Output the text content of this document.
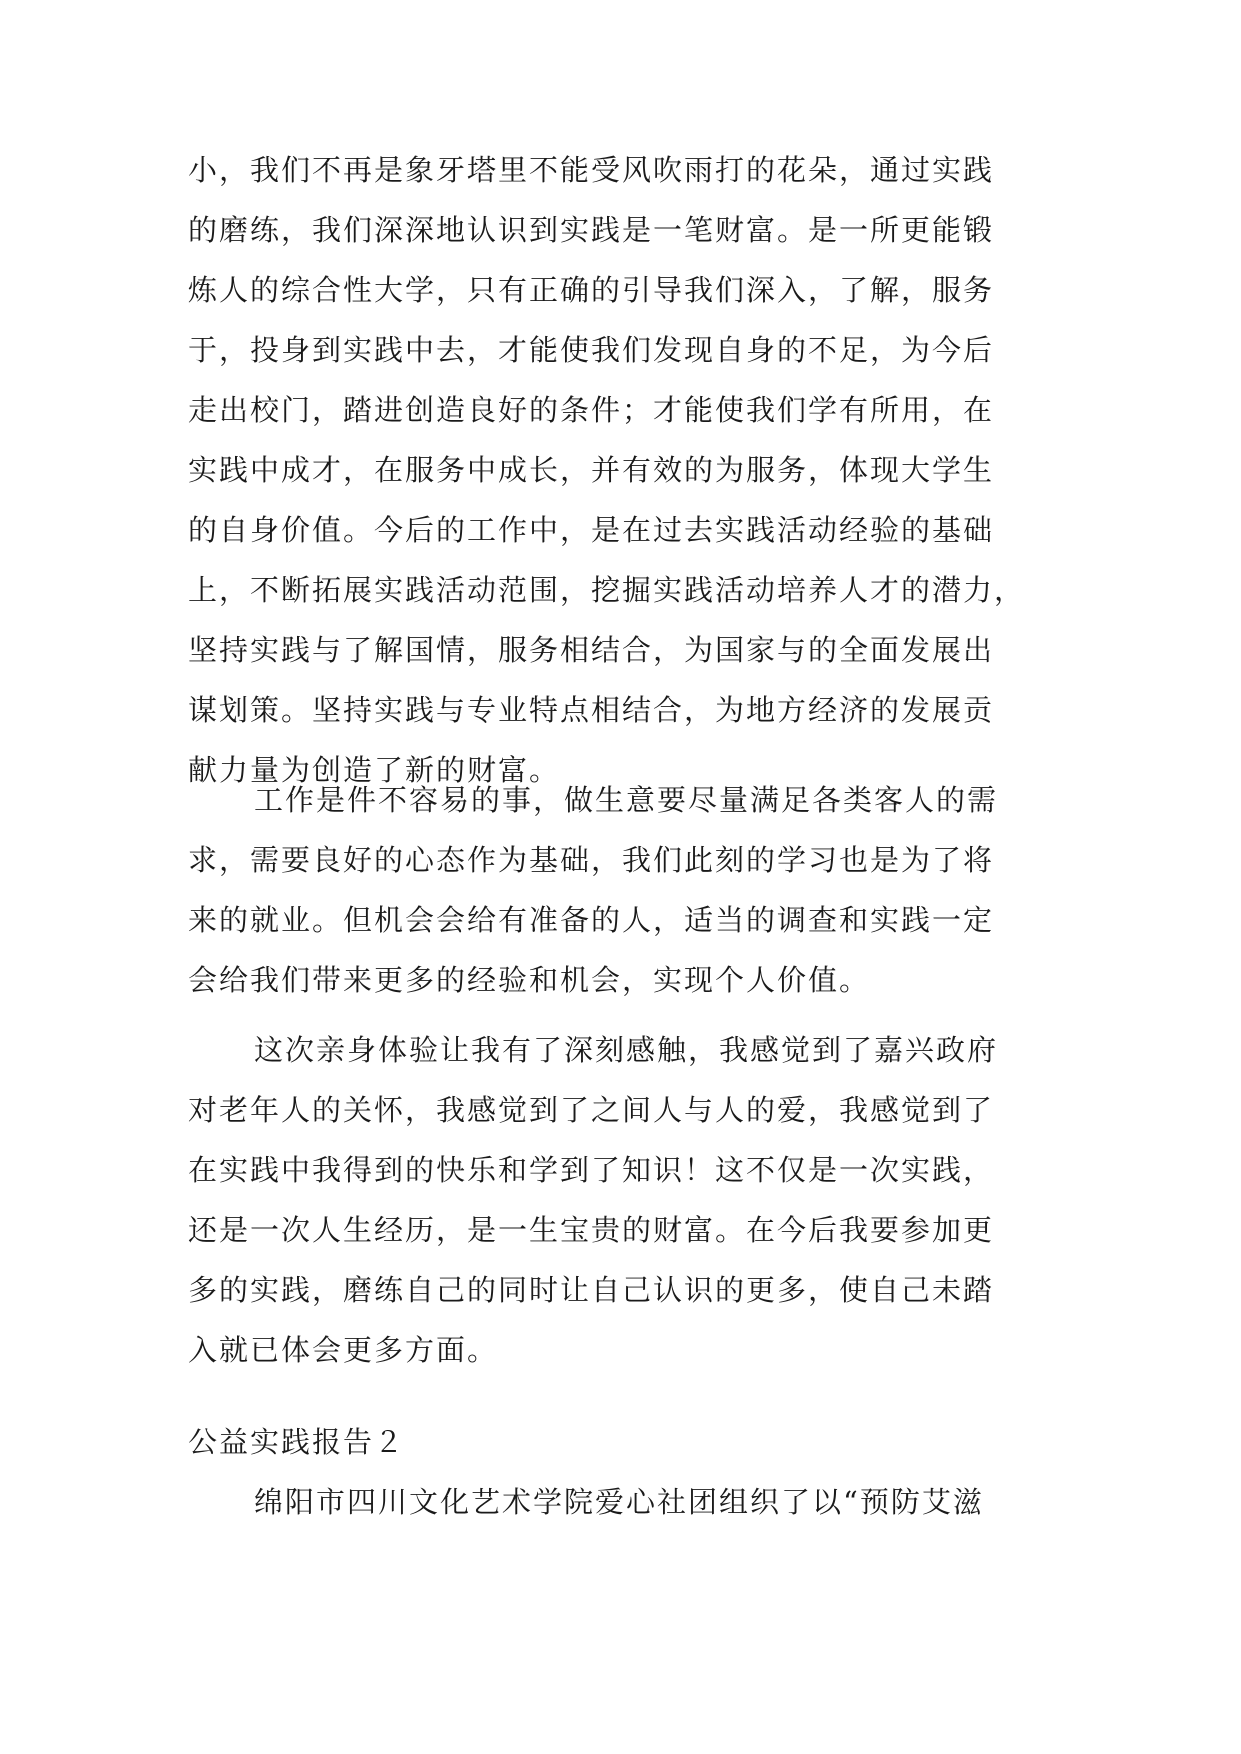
小，我们不再是象牙塔里不能受风吹雨打的花朵，通过实践
的磨练，我们深深地认识到实践是一笔财富。是一所更能锻
炼人的综合性大学，只有正确的引导我们深入，了解，服务
于，投身到实践中去，才能使我们发现自身的不足，为今后
走出校门，踏进创造良好的条件；才能使我们学有所用，在
实践中成才，在服务中成长，并有效的为服务，体现大学生
的自身价值。今后的工作中，是在过去实践活动经验的基础
上，不断拓展实践活动范围，挖掘实践活动培养人才的潜力，
坚持实践与了解国情，服务相结合，为国家与的全面发展出
谋划策。坚持实践与专业特点相结合，为地方经济的发展贡
献力量为创造了新的财富。
工作是件不容易的事，做生意要尽量满足各类客人的需
求，需要良好的心态作为基础，我们此刻的学习也是为了将
来的就业。但机会会给有准备的人，适当的调查和实践一定
会给我们带来更多的经验和机会，实现个人价值。
这次亲身体验让我有了深刻感触，我感觉到了嘉兴政府
对老年人的关怀，我感觉到了之间人与人的爱，我感觉到了
在实践中我得到的快乐和学到了知识！这不仅是一次实践，
还是一次人生经历，是一生宝贵的财富。在今后我要参加更
多的实践，磨练自己的同时让自己认识的更多，使自己未踏
入就已体会更多方面。
公益实践报告２
绵阳市四川文化艺术学院爱心社团组织了以“预防艾滋
